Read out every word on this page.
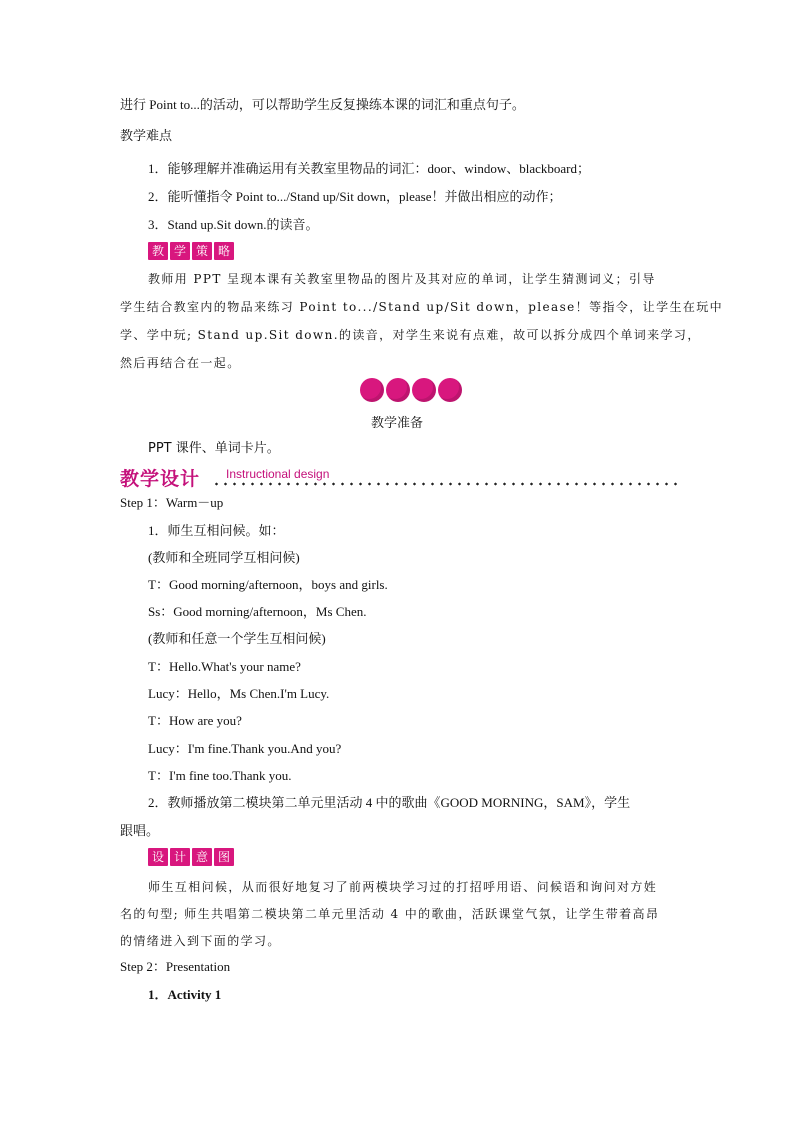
进行 Point to...的活动，可以帮助学生反复操练本课的词汇和重点句子。
教学难点
1．能够理解并准确运用有关教室里物品的词汇：door、window、blackboard；
2．能听懂指令 Point to.../Stand up/Sit down，please！并做出相应的动作；
3．Stand up.Sit down.的读音。
教 学 策 略
教师用 PPT 呈现本课有关教室里物品的图片及其对应的单词，让学生猜测词义；引导
学生结合教室内的物品来练习 Point to.../Stand up/Sit down，please！等指令，让学生在玩中
学、学中玩; Stand up.Sit down.的读音，对学生来说有点难，故可以拆分成四个单词来学习，
然后再结合在一起。
教学准备
PPT 课件、单词卡片。
教学设计 Instructional design
Step 1：Warm－up
1．师生互相问候。如：
(教师和全班同学互相问候)
T：Good morning/afternoon，boys and girls.
Ss：Good morning/afternoon，Ms Chen.
(教师和任意一个学生互相问候)
T：Hello.What's your name?
Lucy：Hello，Ms Chen.I'm Lucy.
T：How are you?
Lucy：I'm fine.Thank you.And you?
T：I'm fine too.Thank you.
2．教师播放第二模块第二单元里活动 4 中的歌曲《GOOD MORNING，SAM》，学生
跟唱。
设 计 意 图
师生互相问候，从而很好地复习了前两模块学习过的打招呼用语、问候语和询问对方姓
名的句型; 师生共唱第二模块第二单元里活动 4 中的歌曲，活跃课堂气氛，让学生带着高昂
的情绪进入到下面的学习。
Step 2：Presentation
1．Activity 1
